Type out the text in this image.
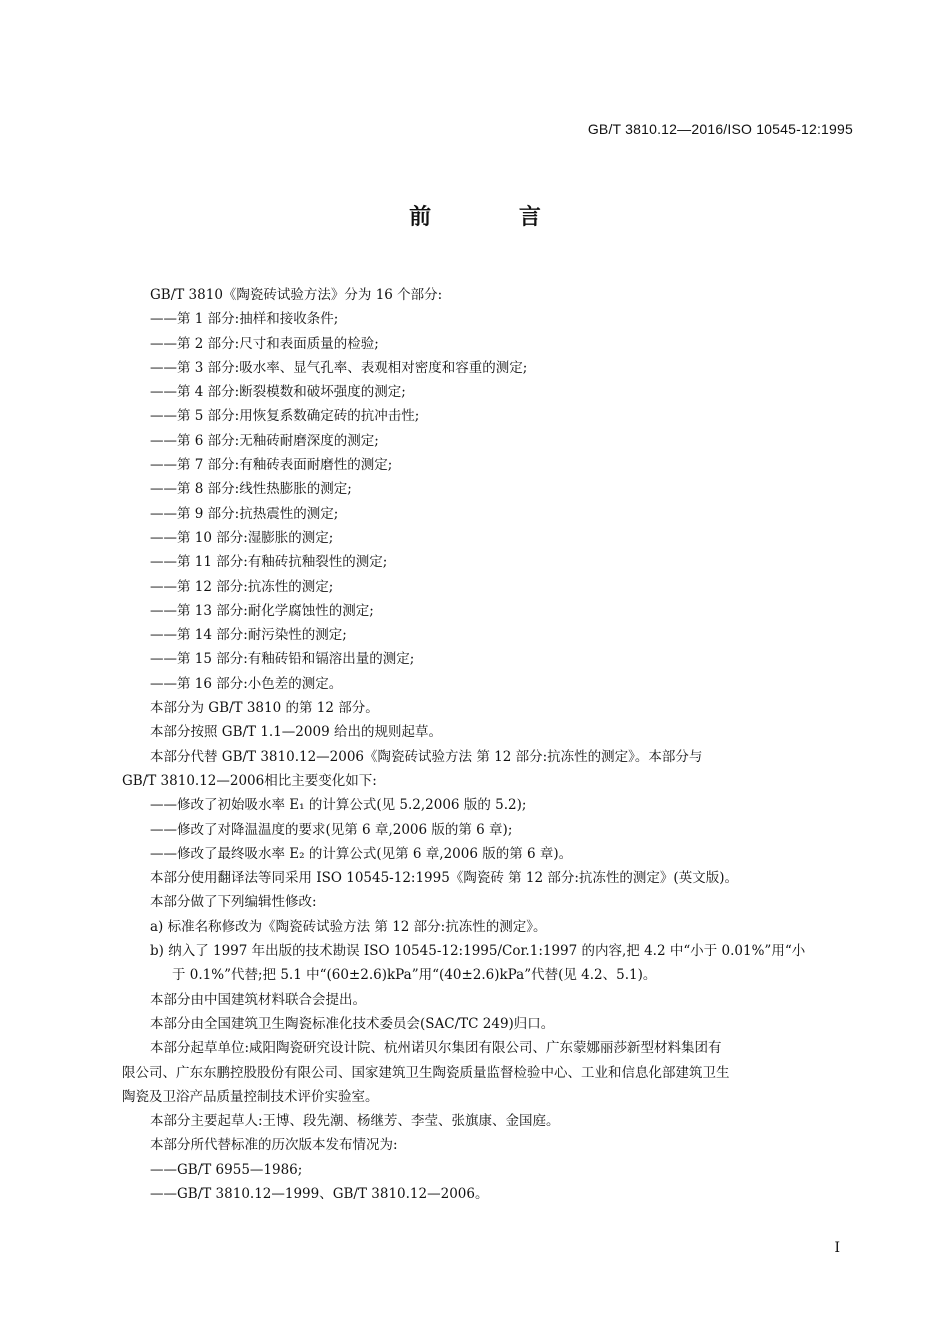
GB/T 3810.12—2016/ISO 10545-12:1995
前 言
GB/T 3810《陶瓷砖试验方法》分为 16 个部分:
——第 1 部分:抽样和接收条件;
——第 2 部分:尺寸和表面质量的检验;
——第 3 部分:吸水率、显气孔率、表观相对密度和容重的测定;
——第 4 部分:断裂模数和破坏强度的测定;
——第 5 部分:用恢复系数确定砖的抗冲击性;
——第 6 部分:无釉砖耐磨深度的测定;
——第 7 部分:有釉砖表面耐磨性的测定;
——第 8 部分:线性热膨胀的测定;
——第 9 部分:抗热震性的测定;
——第 10 部分:湿膨胀的测定;
——第 11 部分:有釉砖抗釉裂性的测定;
——第 12 部分:抗冻性的测定;
——第 13 部分:耐化学腐蚀性的测定;
——第 14 部分:耐污染性的测定;
——第 15 部分:有釉砖铅和镉溶出量的测定;
——第 16 部分:小色差的测定。
本部分为 GB/T 3810 的第 12 部分。
本部分按照 GB/T 1.1—2009 给出的规则起草。
本部分代替 GB/T 3810.12—2006《陶瓷砖试验方法 第 12 部分:抗冻性的测定》。本部分与
GB/T 3810.12—2006相比主要变化如下:
——修改了初始吸水率 E₁ 的计算公式(见 5.2,2006 版的 5.2);
——修改了对降温温度的要求(见第 6 章,2006 版的第 6 章);
——修改了最终吸水率 E₂ 的计算公式(见第 6 章,2006 版的第 6 章)。
本部分使用翻译法等同采用 ISO 10545-12:1995《陶瓷砖 第 12 部分:抗冻性的测定》(英文版)。
本部分做了下列编辑性修改:
a) 标准名称修改为《陶瓷砖试验方法 第 12 部分:抗冻性的测定》。
b) 纳入了 1997 年出版的技术勘误 ISO 10545-12:1995/Cor.1:1997 的内容,把 4.2 中“小于 0.01%”用“小
于 0.1%”代替;把 5.1 中“(60±2.6)kPa”用“(40±2.6)kPa”代替(见 4.2、5.1)。
本部分由中国建筑材料联合会提出。
本部分由全国建筑卫生陶瓷标准化技术委员会(SAC/TC 249)归口。
本部分起草单位:咸阳陶瓷研究设计院、杭州诺贝尔集团有限公司、广东蒙娜丽莎新型材料集团有
限公司、广东东鹏控股股份有限公司、国家建筑卫生陶瓷质量监督检验中心、工业和信息化部建筑卫生
陶瓷及卫浴产品质量控制技术评价实验室。
本部分主要起草人:王博、段先潮、杨继芳、李莹、张旗康、金国庭。
本部分所代替标准的历次版本发布情况为:
——GB/T 6955—1986;
——GB/T 3810.12—1999、GB/T 3810.12—2006。
I
